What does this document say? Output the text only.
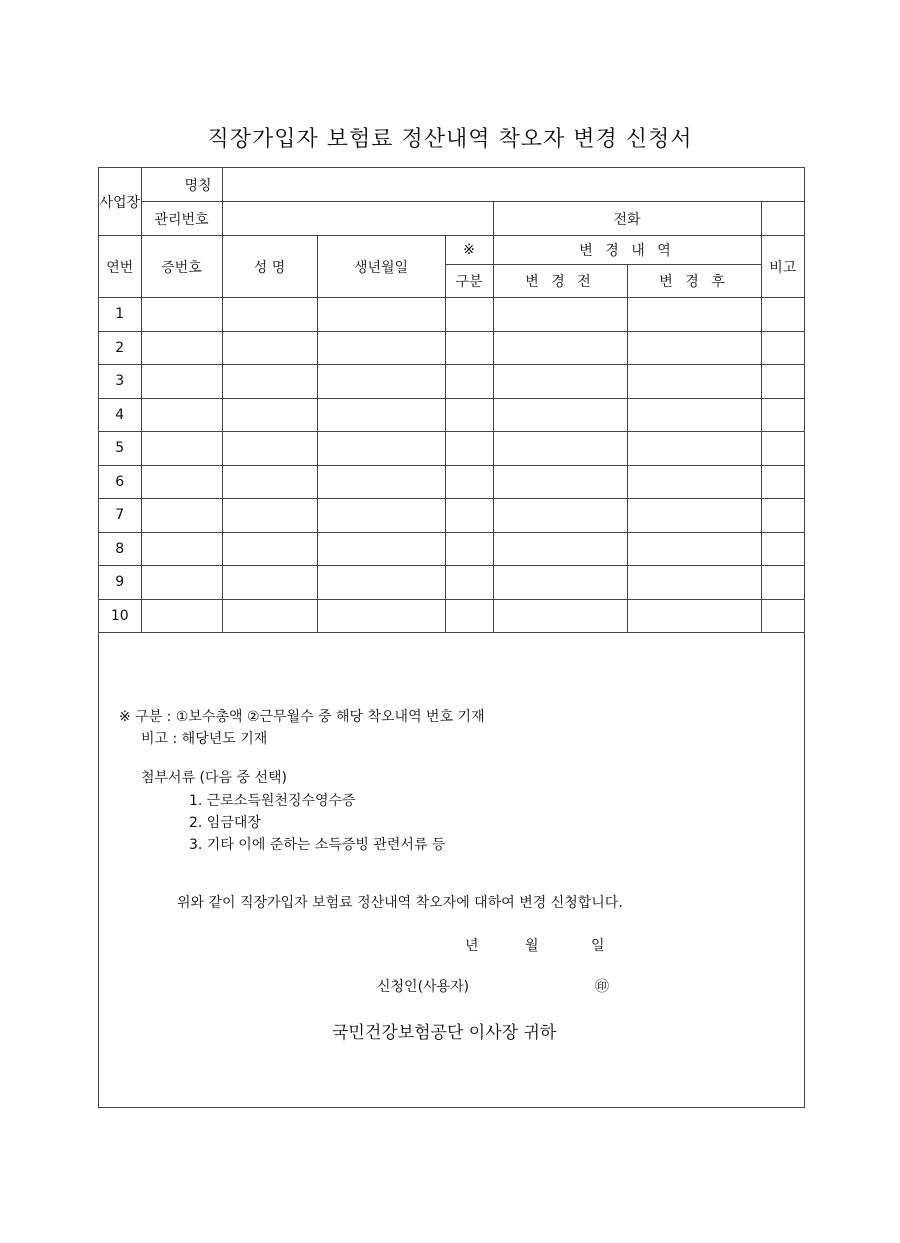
직장가입자 보험료 정산내역 착오자 변경 신청서
사업장	명칭						
	관리번호				전화		
연번	증번호	성 명	생년월일	※	변 경 내 역		비고
				구분	변 경 전	변 경 후	
1							
2							
3							
4							
5							
6							
7							
8							
9							
10							
※ 구분 : ①보수총액 ②근무월수 중 해당 착오내역 번호 기재
비고 : 해당년도 기재
첨부서류 (다음 중 선택)
1. 근로소득원천징수영수증
2. 임금대장
3. 기타 이에 준하는 소득증빙 관련서류 등
위와 같이 직장가입자 보험료 정산내역 착오자에 대하여 변경 신청합니다.
년	월	일
신청인(사용자)	㊞
국민건강보험공단 이사장 귀하
